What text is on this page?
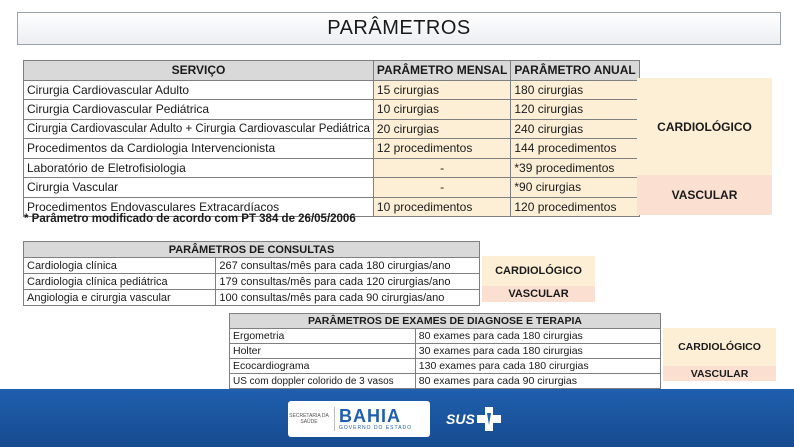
PARÂMETROS
SERVIÇO	PARÂMETRO MENSAL	PARÂMETRO ANUAL
Cirurgia Cardiovascular Adulto	15 cirurgias	180 cirurgias
Cirurgia Cardiovascular Pediátrica	10 cirurgias	120 cirurgias
Cirurgia Cardiovascular Adulto + Cirurgia Cardiovascular Pediátrica	20 cirurgias	240 cirurgias
Procedimentos da Cardiologia Intervencionista	12 procedimentos	144 procedimentos
Laboratório de Eletrofisiologia	-	*39 procedimentos
Cirurgia Vascular	-	*90 cirurgias
Procedimentos Endovasculares Extracardíacos	10 procedimentos	120 procedimentos
* Parâmetro modificado de acordo com PT 384 de 26/05/2006
CARDIOLÓGICO
VASCULAR
PARÂMETROS DE CONSULTAS	
Cardiologia clínica	267 consultas/mês para cada 180 cirurgias/ano
Cardiologia clínica pediátrica	179 consultas/mês para cada 120 cirurgias/ano
Angiologia e cirurgia vascular	100 consultas/mês para cada 90 cirurgias/ano
CARDIOLÓGICO
VASCULAR
PARÂMETROS DE EXAMES DE DIAGNOSE E TERAPIA	
Ergometria	80 exames para cada 180 cirurgias
Holter	30 exames para cada 180 cirurgias
Ecocardiograma	130 exames para cada 180 cirurgias
US com doppler colorido de 3 vasos	80 exames para cada 90 cirurgias
CARDIOLÓGICO
VASCULAR
SECRETARIA DA SAÚDE	BAHIA
GOVERNO DO ESTADO
SUS
